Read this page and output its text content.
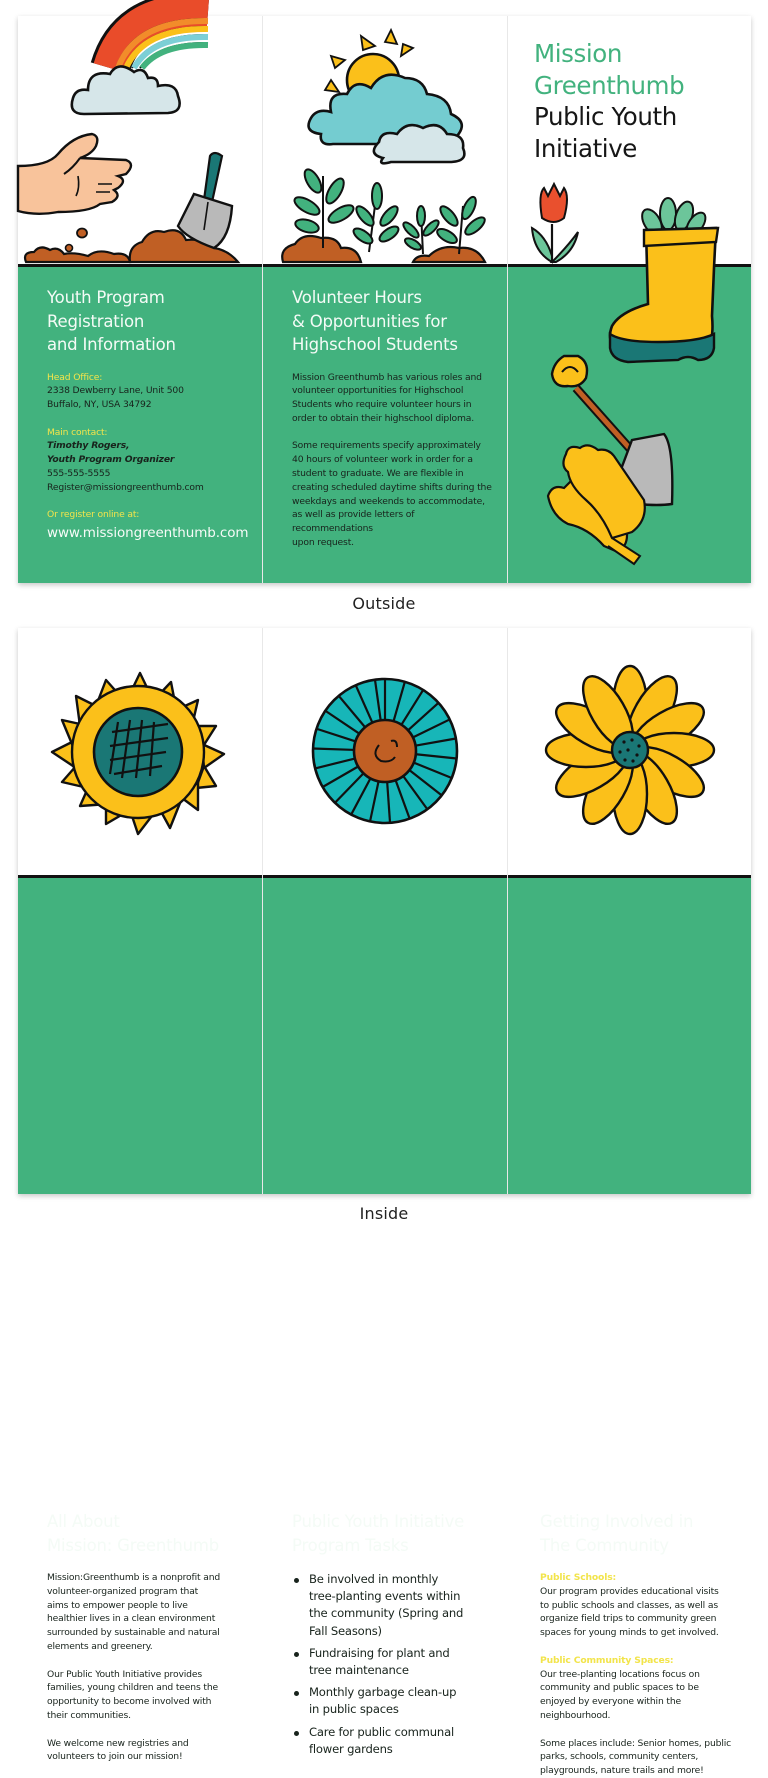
Youth Program
Registration
and Information
Head Office:
2338 Dewberry Lane, Unit 500
Buffalo, NY, USA 34792
Main contact:
Timothy Rogers,
Youth Program Organizer
555-555-5555
Register@missiongreenthumb.com
Or register online at:
www.missiongreenthumb.com
Volunteer Hours
& Opportunities for
Highschool Students
Mission Greenthumb has various roles and
volunteer opportunities for Highschool
Students who require volunteer hours in
order to obtain their highschool diploma.
Some requirements specify approximately
40 hours of volunteer work in order for a
student to graduate. We are flexible in
creating scheduled daytime shifts during the
weekdays and weekends to accommodate,
as well as provide letters of recommendations
upon request.
Mission
Greenthumb
Public Youth
Initiative
Outside
All About
Mission: Greenthumb
Mission:Greenthumb is a nonprofit and
volunteer-organized program that
aims to empower people to live
healthier lives in a clean environment
surrounded by sustainable and natural
elements and greenery.
Our Public Youth Initiative provides
families, young children and teens the
opportunity to become involved with
their communities.
We welcome new registries and
volunteers to join our mission!
Public Youth Initiative
Program Tasks
Be involved in monthly
tree-planting events within
the community (Spring and
Fall Seasons)
Fundraising for plant and
tree maintenance
Monthly garbage clean-up
in public spaces
Care for public communal
flower gardens
Getting Involved in
The Community
Public Schools:
Our program provides educational visits
to public schools and classes, as well as
organize field trips to community green
spaces for young minds to get involved.
Public Community Spaces:
Our tree-planting locations focus on
community and public spaces to be
enjoyed by everyone within the
neighbourhood.
Some places include: Senior homes, public
parks, schools, community centers,
playgrounds, nature trails and more!
Inside
